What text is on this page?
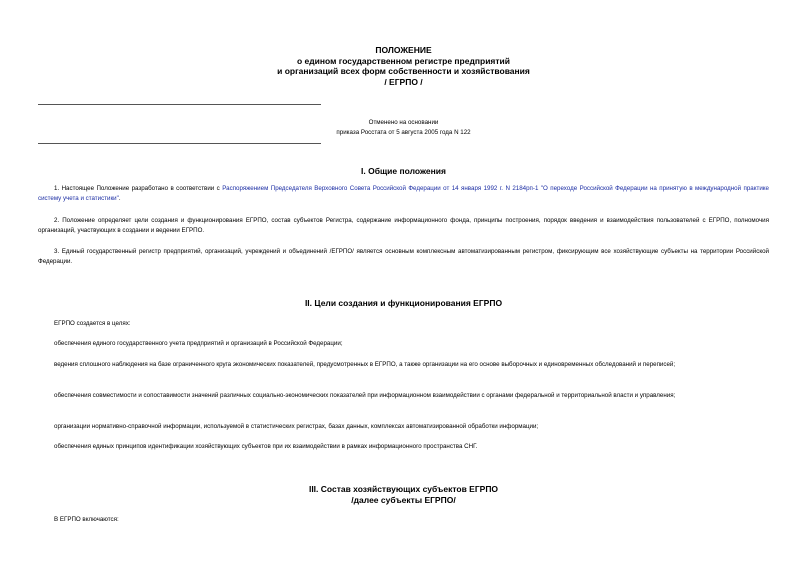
ПОЛОЖЕНИЕ
о едином государственном регистре предприятий
и организаций всех форм собственности и хозяйствования
/ ЕГРПО /
Отменено на основании
приказа Росстата от 5 августа 2005 года N 122
I. Общие положения
1. Настоящее Положение разработано в соответствии с Распоряжением Председателя Верховного Совета Российской Федерации от 14 января 1992 г. N 2184рп-1 "О переходе Российской Федерации на принятую в международной практике систему учета и статистики".
2. Положение определяет цели создания и функционирования ЕГРПО, состав субъектов Регистра, содержание информационного фонда, принципы построения, порядок введения и взаимодействия пользователей с ЕГРПО, полномочия организаций, участвующих в создании и ведении ЕГРПО.
3. Единый государственный регистр предприятий, организаций, учреждений и объединений /ЕГРПО/ является основным комплексным автоматизированным регистром, фиксирующим все хозяйствующие субъекты на территории Российской Федерации.
II. Цели создания и функционирования ЕГРПО
ЕГРПО создается в целях:
обеспечения единого государственного учета предприятий и организаций в Российской Федерации;
ведения сплошного наблюдения на базе ограниченного круга экономических показателей, предусмотренных в ЕГРПО, а также организации на его основе выборочных и единовременных обследований и переписей;
обеспечения совместимости и сопоставимости значений различных социально-экономических показателей при информационном взаимодействии с органами федеральной и территориальной власти и управления;
организации нормативно-справочной информации, используемой в статистических регистрах, базах данных, комплексах автоматизированной обработки информации;
обеспечения единых принципов идентификации хозяйствующих субъектов при их взаимодействии в рамках информационного пространства СНГ.
III. Состав хозяйствующих субъектов ЕГРПО
/далее субъекты ЕГРПО/
В ЕГРПО включаются:
